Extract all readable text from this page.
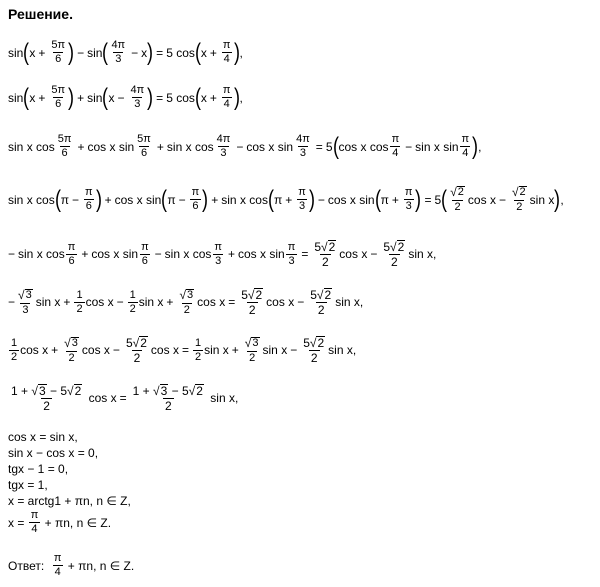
Решение.
sin ( $x + \frac{5\pi}{6}$ ) − sin ( $\frac{4\pi}{3} - x$ ) = 5
cos ( $x + \frac{\pi}{4}$ ) ,
sin ( $x + \frac{5\pi}{6}$ ) + sin ( $x - \frac{4\pi}{3}$ ) = 5
cos ( $x + \frac{\pi}{4}$ ) ,
sin
x
$\cos \frac{5\pi}{6} + \cos$
x
$\sin \frac{5\pi}{6} + \sin$
x
$\cos \frac{4\pi}{3} - \cos$
x
$\sin \frac{4\pi}{3} = 5$ ( cos
x
$\cos \frac{\pi}{4} - \sin$
x
$\sin \frac{\pi}{4}$ ) ,
sin
x
cos ( $\pi - \frac{\pi}{6}$ ) + cos
x
sin ( $\pi - \frac{\pi}{6}$ ) + sin
x
cos ( $\pi + \frac{\pi}{3}$ ) − cos
x
sin ( $\pi + \frac{\pi}{3}$ ) = 5 ( $\frac{√ 2}{2}$ cos
$x - \frac{√ 2}{2}$ sin
x ) ,
− sin
x
$\cos \frac{\pi}{6} + \cos$
x
$\sin \frac{\pi}{6} - \sin$
x
$\cos \frac{\pi}{3} + \cos$
x
$\sin \frac{\pi}{3} = \frac{5 √ 2}{2}$ cos
$x - \frac{5 √ 2}{2}$ sin
x ,
− $\frac{√ 3}{3}$ sin
$x + \frac{1}{2}$ cos
$x - \frac{1}{2}$ sin
$x + \frac{√ 3}{2}$ cos
$x = \frac{5 √ 2}{2}$ cos
$x - \frac{5 √ 2}{2}$ sin
x ,
$\frac{1}{2}$ cos
$x + \frac{√ 3}{2}$ cos
$x - \frac{5 √ 2}{2}$ cos
$x = \frac{1}{2}$ sin
$x + \frac{√ 3}{2}$ sin
$x - \frac{5 √ 2}{2}$ sin
x ,
$\frac{1 + √ 3 - 5 √ 2}{2}$
cos
$x = \frac{1 + √ 3 - 5 √ 2}{2}$
sin
x ,
cos x = sin x,
sin x − cos x = 0,
tgx − 1 = 0,
tgx = 1,
x = arctg1 + πn, n ∈ Z,
x =
$\frac{\pi}{4}$
+ πn, n ∈ Z.
Ответ:
$\frac{\pi}{4}$
+ πn, n ∈ Z.
